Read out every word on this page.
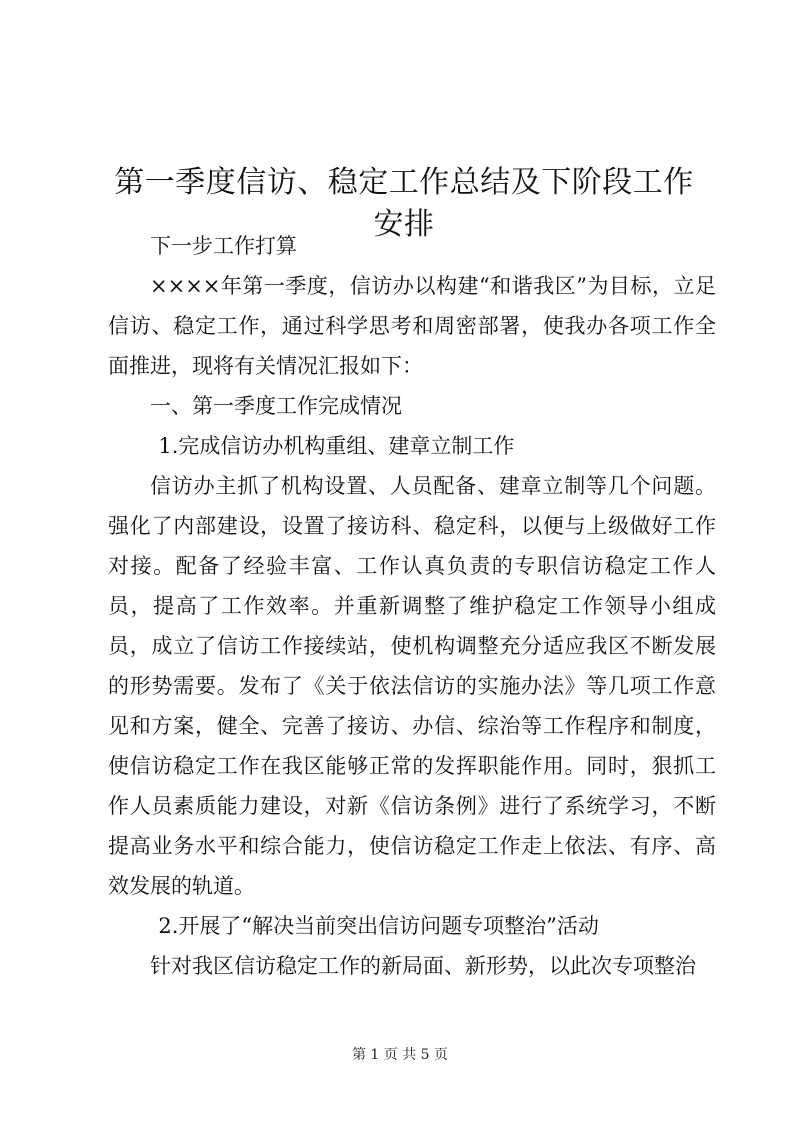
第一季度信访、稳定工作总结及下阶段工作安排

下一步工作打算

××××年第一季度，信访办以构建“和谐我区”为目标，立足信访、稳定工作，通过科学思考和周密部署，使我办各项工作全面推进，现将有关情况汇报如下：

一、第一季度工作完成情况

1.完成信访办机构重组、建章立制工作

信访办主抓了机构设置、人员配备、建章立制等几个问题。强化了内部建设，设置了接访科、稳定科，以便与上级做好工作对接。配备了经验丰富、工作认真负责的专职信访稳定工作人员，提高了工作效率。并重新调整了维护稳定工作领导小组成员，成立了信访工作接续站，使机构调整充分适应我区不断发展的形势需要。发布了《关于依法信访的实施办法》等几项工作意见和方案，健全、完善了接访、办信、综治等工作程序和制度，使信访稳定工作在我区能够正常的发挥职能作用。同时，狠抓工作人员素质能力建设，对新《信访条例》进行了系统学习，不断提高业务水平和综合能力，使信访稳定工作走上依法、有序、高效发展的轨道。

2.开展了“解决当前突出信访问题专项整治”活动

针对我区信访稳定工作的新局面、新形势，以此次专项整治

第 1 页 共 5 页
